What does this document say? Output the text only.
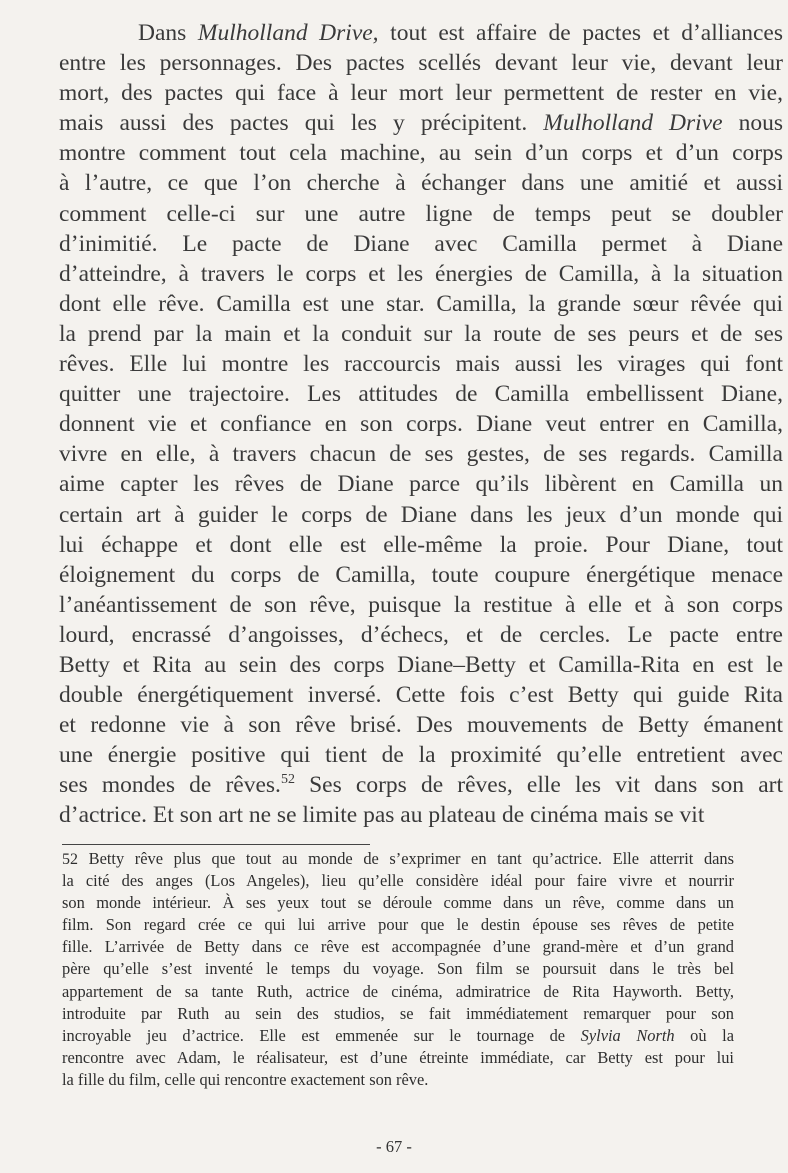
Dans Mulholland Drive, tout est affaire de pactes et d’alliances
entre les personnages. Des pactes scellés devant leur vie, devant leur
mort, des pactes qui face à leur mort leur permettent de rester en vie,
mais aussi des pactes qui les y précipitent. Mulholland Drive nous
montre comment tout cela machine, au sein d’un corps et d’un corps
à l’autre, ce que l’on cherche à échanger dans une amitié et aussi
comment celle-ci sur une autre ligne de temps peut se doubler
d’inimitié. Le pacte de Diane avec Camilla permet à Diane
d’atteindre, à travers le corps et les énergies de Camilla, à la situation
dont elle rêve. Camilla est une star. Camilla, la grande sœur rêvée qui
la prend par la main et la conduit sur la route de ses peurs et de ses
rêves. Elle lui montre les raccourcis mais aussi les virages qui font
quitter une trajectoire. Les attitudes de Camilla embellissent Diane,
donnent vie et confiance en son corps. Diane veut entrer en Camilla,
vivre en elle, à travers chacun de ses gestes, de ses regards. Camilla
aime capter les rêves de Diane parce qu’ils libèrent en Camilla un
certain art à guider le corps de Diane dans les jeux d’un monde qui
lui échappe et dont elle est elle-même la proie. Pour Diane, tout
éloignement du corps de Camilla, toute coupure énergétique menace
l’anéantissement de son rêve, puisque la restitue à elle et à son corps
lourd, encrassé d’angoisses, d’échecs, et de cercles. Le pacte entre
Betty et Rita au sein des corps Diane–Betty et Camilla-Rita en est le
double énergétiquement inversé. Cette fois c’est Betty qui guide Rita
et redonne vie à son rêve brisé. Des mouvements de Betty émanent
une énergie positive qui tient de la proximité qu’elle entretient avec
ses mondes de rêves.$^{52}$ Ses corps de rêves, elle les vit dans son art
d’actrice. Et son art ne se limite pas au plateau de cinéma mais se vit
52 Betty rêve plus que tout au monde de s’exprimer en tant qu’actrice. Elle atterrit dans
la cité des anges (Los Angeles), lieu qu’elle considère idéal pour faire vivre et nourrir
son monde intérieur. À ses yeux tout se déroule comme dans un rêve, comme dans un
film. Son regard crée ce qui lui arrive pour que le destin épouse ses rêves de petite
fille. L’arrivée de Betty dans ce rêve est accompagnée d’une grand-mère et d’un grand
père qu’elle s’est inventé le temps du voyage. Son film se poursuit dans le très bel
appartement de sa tante Ruth, actrice de cinéma, admiratrice de Rita Hayworth. Betty,
introduite par Ruth au sein des studios, se fait immédiatement remarquer pour son
incroyable jeu d’actrice. Elle est emmenée sur le tournage de Sylvia North où la
rencontre avec Adam, le réalisateur, est d’une étreinte immédiate, car Betty est pour lui
la fille du film, celle qui rencontre exactement son rêve.
- 67 -
